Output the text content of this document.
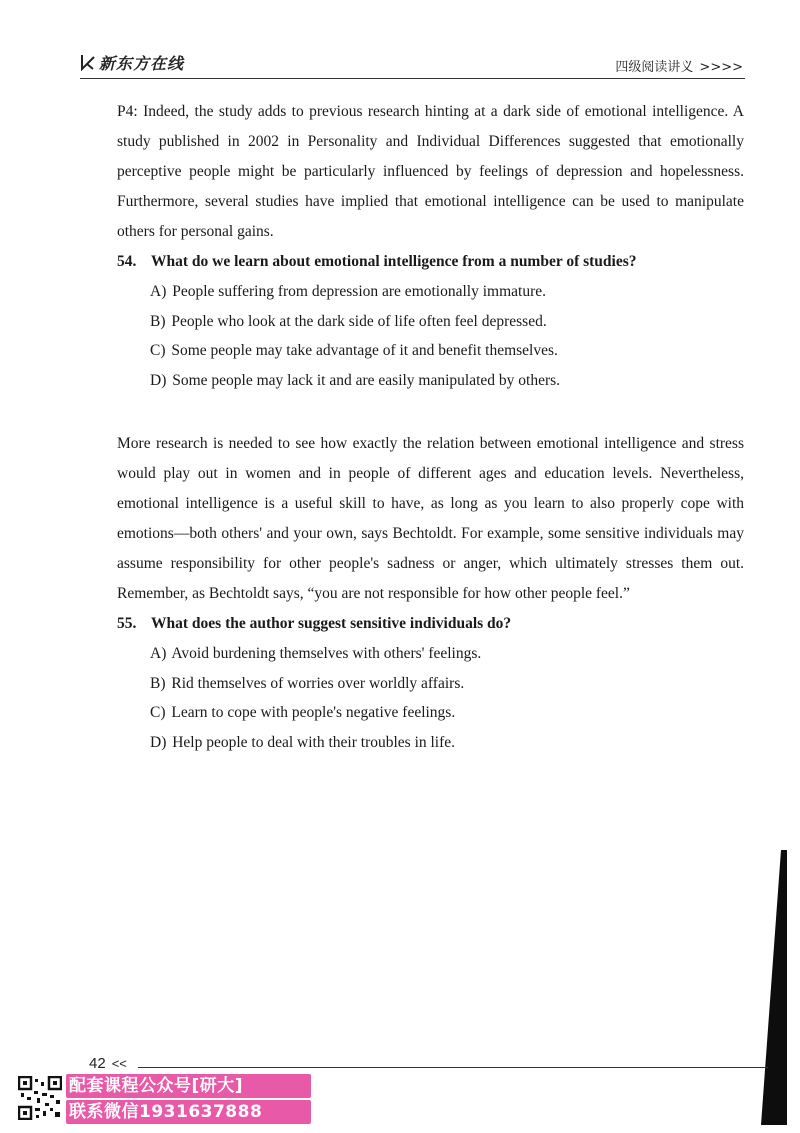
新东方在线	四级阅读讲义 >>>>

P4: Indeed, the study adds to previous research hinting at a dark side of emotional intelligence. A study published in 2002 in Personality and Individual Differences suggested that emotionally perceptive people might be particularly influenced by feelings of depression and hopelessness. Furthermore, several studies have implied that emotional intelligence can be used to manipulate others for personal gains.

54. What do we learn about emotional intelligence from a number of studies?
A) People suffering from depression are emotionally immature.
B) People who look at the dark side of life often feel depressed.
C) Some people may take advantage of it and benefit themselves.
D) Some people may lack it and are easily manipulated by others.

More research is needed to see how exactly the relation between emotional intelligence and stress would play out in women and in people of different ages and education levels. Nevertheless, emotional intelligence is a useful skill to have, as long as you learn to also properly cope with emotions—both others' and your own, says Bechtoldt. For example, some sensitive individuals may assume responsibility for other people's sadness or anger, which ultimately stresses them out. Remember, as Bechtoldt says, “you are not responsible for how other people feel.”

55. What does the author suggest sensitive individuals do?
A) Avoid burdening themselves with others' feelings.
B) Rid themselves of worries over worldly affairs.
C) Learn to cope with people's negative feelings.
D) Help people to deal with their troubles in life.
42 <<
配套课程公众号[研大]
联系微信1931637888
